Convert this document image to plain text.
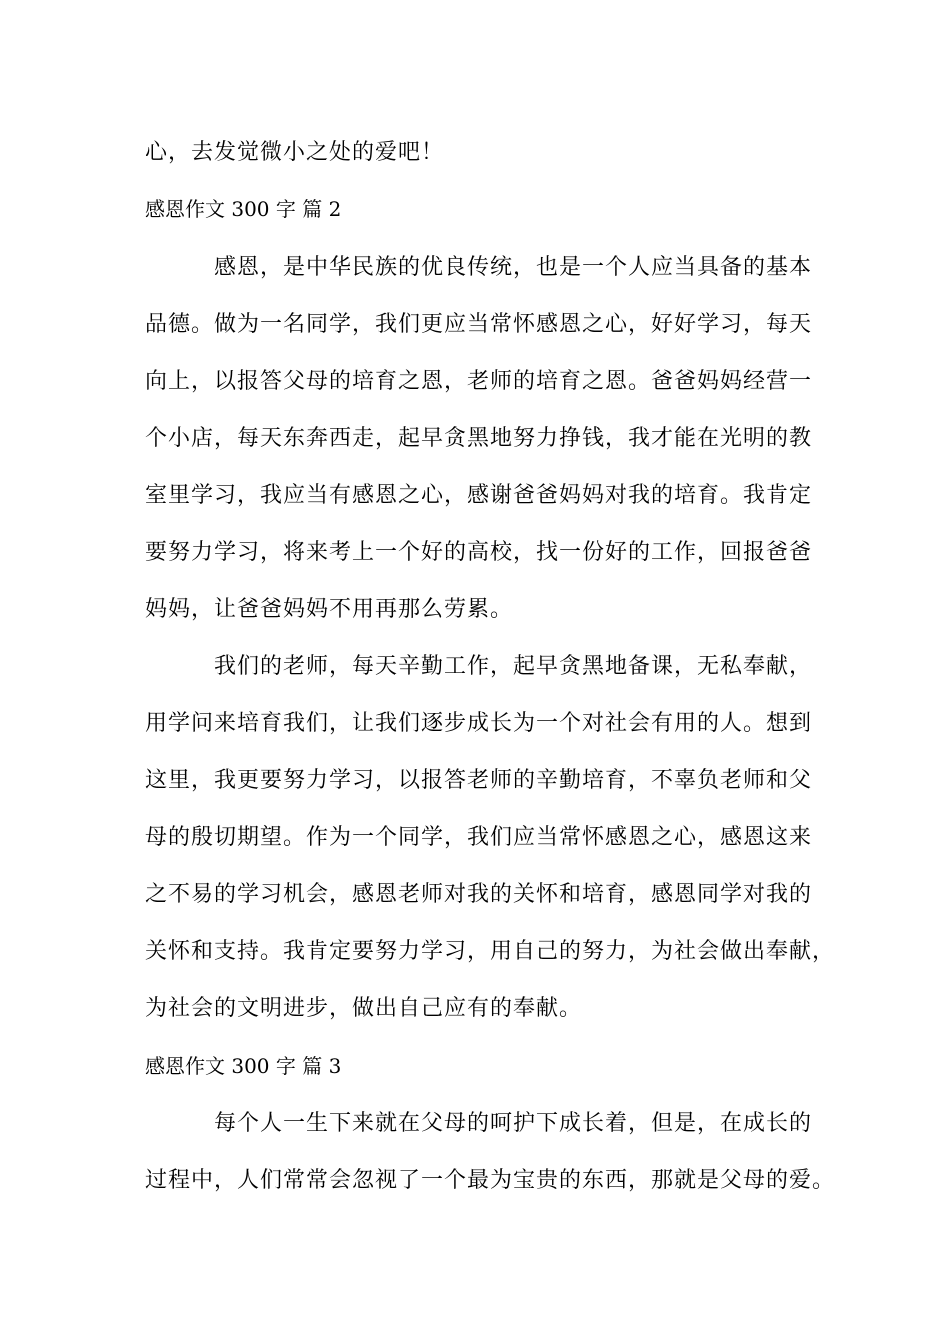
心，去发觉微小之处的爱吧！
感恩作文 300 字 篇 2
感恩，是中华民族的优良传统，也是一个人应当具备的基本
品德。做为一名同学，我们更应当常怀感恩之心，好好学习，每天
向上，以报答父母的培育之恩，老师的培育之恩。爸爸妈妈经营一
个小店，每天东奔西走，起早贪黑地努力挣钱，我才能在光明的教
室里学习，我应当有感恩之心，感谢爸爸妈妈对我的培育。我肯定
要努力学习，将来考上一个好的高校，找一份好的工作，回报爸爸
妈妈，让爸爸妈妈不用再那么劳累。
我们的老师，每天辛勤工作，起早贪黑地备课，无私奉献，
用学问来培育我们，让我们逐步成长为一个对社会有用的人。想到
这里，我更要努力学习，以报答老师的辛勤培育，不辜负老师和父
母的殷切期望。作为一个同学，我们应当常怀感恩之心，感恩这来
之不易的学习机会，感恩老师对我的关怀和培育，感恩同学对我的
关怀和支持。我肯定要努力学习，用自己的努力，为社会做出奉献，
为社会的文明进步，做出自己应有的奉献。
感恩作文 300 字 篇 3
每个人一生下来就在父母的呵护下成长着，但是，在成长的
过程中，人们常常会忽视了一个最为宝贵的东西，那就是父母的爱。
